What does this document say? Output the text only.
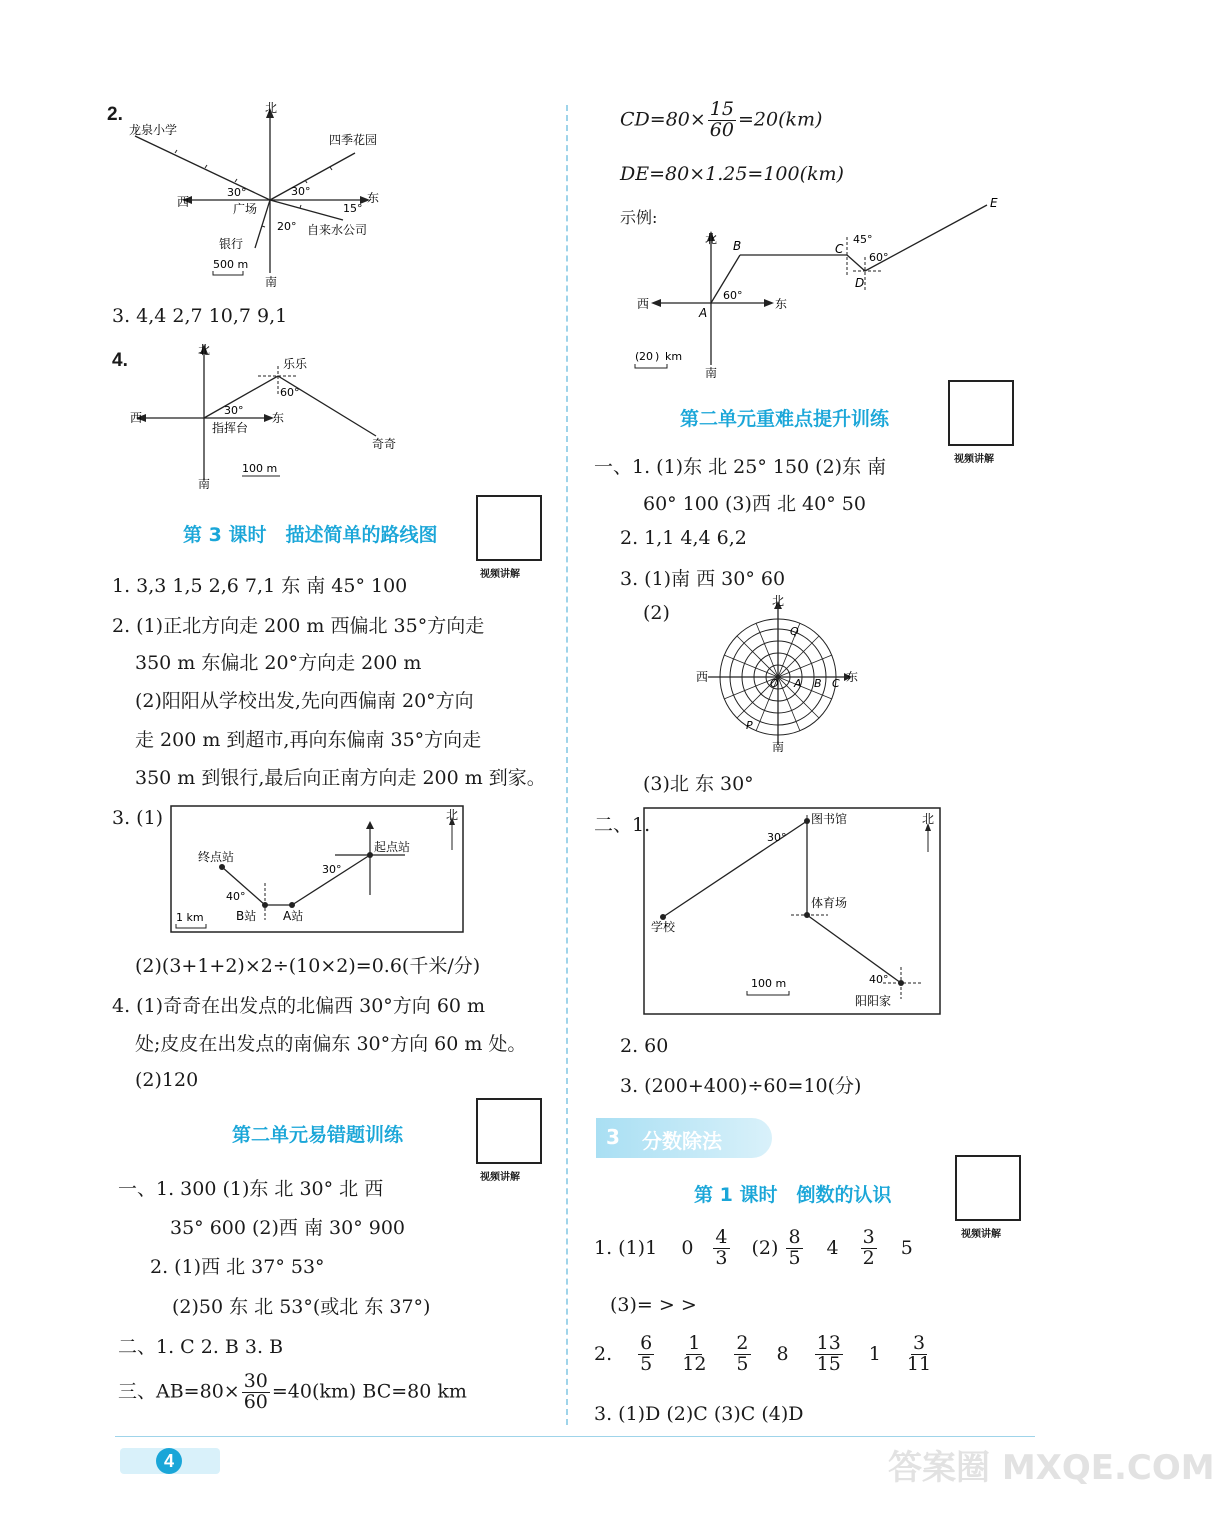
2.	北
南
东
西
龙泉小学
四季花园
广场
银行
自来水公司
30°	30°
15°
20°
500 m
3. 4,4 2,7 10,7 9,1
4.	北
南
东
西
乐乐
奇奇
指挥台
30°
60°
100 m
第 3 课时　描述简单的路线图
视频讲解
1. 3,3 1,5 2,6 7,1 东 南 45° 100
2. (1)正北方向走 200 m 西偏北 35°方向走
350 m 东偏北 20°方向走 200 m
(2)阳阳从学校出发,先向西偏南 20°方向
走 200 m 到超市,再向东偏南 35°方向走
350 m 到银行,最后向正南方向走 200 m 到家。
3. (1)	北
起点站
终点站
A站
B站
30°
40°
1 km
(2)(3+1+2)×2÷(10×2)=0.6(千米/分)
4. (1)奇奇在出发点的北偏西 30°方向 60 m
处;皮皮在出发点的南偏东 30°方向 60 m 处。
(2)120
第二单元易错题训练
视频讲解
一、1. 300 (1)东 北 30° 北 西
35° 600 (2)西 南 30° 900
2. (1)西 北 37° 53°
(2)50 东 北 53°(或北 东 37°)
二、1. C 2. B 3. B
三、$AB=80\times \frac{30}{60} =40(km)$ BC=80 km
$CD=80\times \frac{15}{60} =20(km)$
DE=80×1.25=100(km)
示例:
北
南
东
西
A
B	C
D
E
60°
45°
60°
( 20 ) km
第二单元重难点提升训练
视频讲解
一、1. (1)东 北 25° 150 (2)东 南
60° 100 (3)西 北 40° 50
2. 1,1 4,4 6,2
3. (1)南 西 30° 60
(2)
北
南
东
西	O A B C
Q
P
(3)北 东 30°
二、1.	北
图书馆
体育场
学校
阳阳家
30°
40°
100 m
2. 60
3. (200+400)÷60=10(分)
3 分数除法
第 1 课时　倒数的认识
视频讲解
1. (1)1    $0 \frac{4}{3} (2) \frac{8}{5} 4 \frac{3}{2} 5$
(3)= > >
2. $\frac{6}{5} \frac{1}{12} \frac{2}{5} 8 \frac{13}{15} 1 \frac{3}{11}$
3. (1)D (2)C (3)C (4)D
4	答案圈 MXQE.COM
